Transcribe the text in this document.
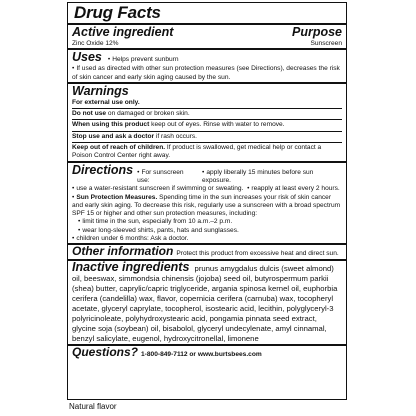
Drug Facts
Active ingredient	Purpose
Zinc Oxide 12%	Sunscreen
Uses	• Helps prevent sunburn

• If used as directed with other sun protection measures (see Directions), decreases the risk of skin cancer and early skin aging caused by the sun.

Warnings

For external use only.

Do not use on damaged or broken skin.

When using this product keep out of eyes. Rinse with water to remove.

Stop use and ask a doctor if rash occurs.

Keep out of reach of children. If product is swallowed, get medical help or contact a Poison Control Center right away.

Directions	• For sunscreen use:
• apply liberally 15 minutes before sun exposure.

• use a water-resistant sunscreen if swimming or sweating. • reapply at least every 2 hours.

• Sun Protection Measures. Spending time in the sun increases your risk of skin cancer and early skin aging. To decrease this risk, regularly use a sunscreen with a broad spectrum SPF 15 or higher and other sun protection measures, including:

• limit time in the sun, especially from 10 a.m.–2 p.m.

• wear long-sleeved shirts, pants, hats and sunglasses.

• children under 6 months: Ask a doctor.

Other information Protect this product from excessive heat and direct sun.
Inactive ingredients prunus amygdalus dulcis (sweet almond) oil, beeswax, simmondsia chinensis (jojoba) seed oil, butyrospermum parkii (shea) butter, caprylic/capric triglyceride, argania spinosa kernel oil, euphorbia cerifera (candelilla) wax, flavor, copernicia cerifera (carnuba) wax, tocopheryl acetate, glyceryl caprylate, tocopherol, isostearic acid, lecithin, polyglyceryl-3 polyricinoleate, polyhydroxystearic acid, pongamia pinnata seed extract, glycine soja (soybean) oil, bisabolol, glyceryl undecylenate, amyl cinnamal, benzyl salicylate, eugenol, hydroxycitronellal, limonene
Questions? 1-800-849-7112 or www.burtsbees.com
Natural flavor
